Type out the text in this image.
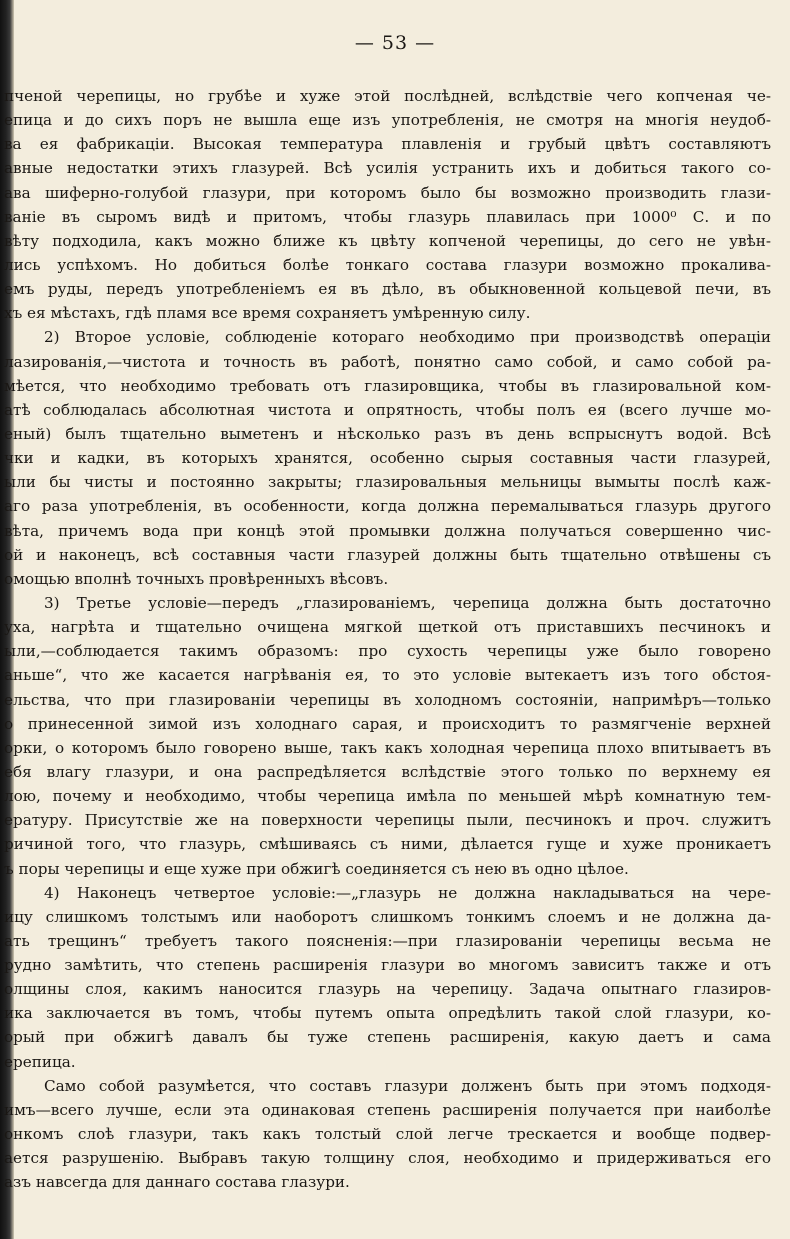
— 53 —
пченой черепицы, но грубѣе и хуже этой послѣдней, вслѣдствіе чего копченая че-
епица и до сихъ поръ не вышла еще изъ употребленія, не смотря на многія неудоб-
ва ея фабрикаціи. Высокая температура плавленія и грубый цвѣтъ составляютъ
авные недостатки этихъ глазурей. Всѣ усилія устранить ихъ и добиться такого со-
ава шиферно-голубой глазури, при которомъ было бы возможно производить глази-
ваніе въ сыромъ видѣ и притомъ, чтобы глазурь плавилась при 1000⁰ С. и по
вѣту подходила, какъ можно ближе къ цвѣту копченой черепицы, до сего не увѣн-
лись успѣхомъ. Но добиться болѣе тонкаго состава глазури возможно прокалива-
емъ руды, передъ употребленіемъ ея въ дѣло, въ обыкновенной кольцевой печи, въ
хъ ея мѣстахъ, гдѣ пламя все время сохраняетъ умѣренную силу.
2) Второе условіе, соблюденіе котораго необходимо при производствѣ операціи
лазированія,—чистота и точность въ работѣ, понятно само собой, и само собой ра-
мѣется, что необходимо требовать отъ глазировщика, чтобы въ глазировальной ком-
атѣ соблюдалась абсолютная чистота и опрятность, чтобы полъ ея (всего лучше мо-
еный) былъ тщательно выметенъ и нѣсколько разъ въ день вспрыснутъ водой. Всѣ
чки и кадки, въ которыхъ хранятся, особенно сырыя составныя части глазурей,
ыли бы чисты и постоянно закрыты; глазировальныя мельницы вымыты послѣ каж-
аго раза употребленія, въ особенности, когда должна перемалываться глазурь другого
вѣта, причемъ вода при концѣ этой промывки должна получаться совершенно чис-
ой и наконецъ, всѣ составныя части глазурей должны быть тщательно отвѣшены съ
омощью вполнѣ точныхъ провѣренныхъ вѣсовъ.
3) Третье условіе—передъ „глазированіемъ, черепица должна быть достаточно
уха, нагрѣта и тщательно очищена мягкой щеткой отъ приставшихъ песчинокъ и
ыли,—соблюдается такимъ образомъ: про сухость черепицы уже было говорено
аньше“, что же касается нагрѣванія ея, то это условіе вытекаетъ изъ того обстоя-
ельства, что при глазированіи черепицы въ холодномъ состояніи, напримѣръ—только
о принесенной зимой изъ холоднаго сарая, и происходитъ то размягченіе верхней
орки, о которомъ было говорено выше, такъ какъ холодная черепица плохо впитываетъ въ
ебя влагу глазури, и она распредѣляется вслѣдствіе этого только по верхнему ея
лою, почему и необходимо, чтобы черепица имѣла по меньшей мѣрѣ комнатную тем-
ературу. Присутствіе же на поверхности черепицы пыли, песчинокъ и проч. служитъ
ричиной того, что глазурь, смѣшиваясь съ ними, дѣлается гуще и хуже проникаетъ
ъ поры черепицы и еще хуже при обжигѣ соединяется съ нею въ одно цѣлое.
4) Наконецъ четвертое условіе:—„глазурь не должна накладываться на чере-
ицу слишкомъ толстымъ или наоборотъ слишкомъ тонкимъ слоемъ и не должна да-
ать трещинъ“ требуетъ такого поясненія:—при глазированіи черепицы весьма не
рудно замѣтить, что степень расширенія глазури во многомъ зависитъ также и отъ
олщины слоя, какимъ наносится глазурь на черепицу. Задача опытнаго глазиров-
ика заключается въ томъ, чтобы путемъ опыта опредѣлить такой слой глазури, ко-
орый при обжигѣ давалъ бы туже степень расширенія, какую даетъ и сама
ерепица.
Само собой разумѣется, что составъ глазури долженъ быть при этомъ подходя-
имъ—всего лучше, если эта одинаковая степень расширенія получается при наиболѣе
онкомъ слоѣ глазури, такъ какъ толстый слой легче трескается и вообще подвер-
ается разрушенію. Выбравъ такую толщину слоя, необходимо и придерживаться его
азъ навсегда для даннаго состава глазури.
